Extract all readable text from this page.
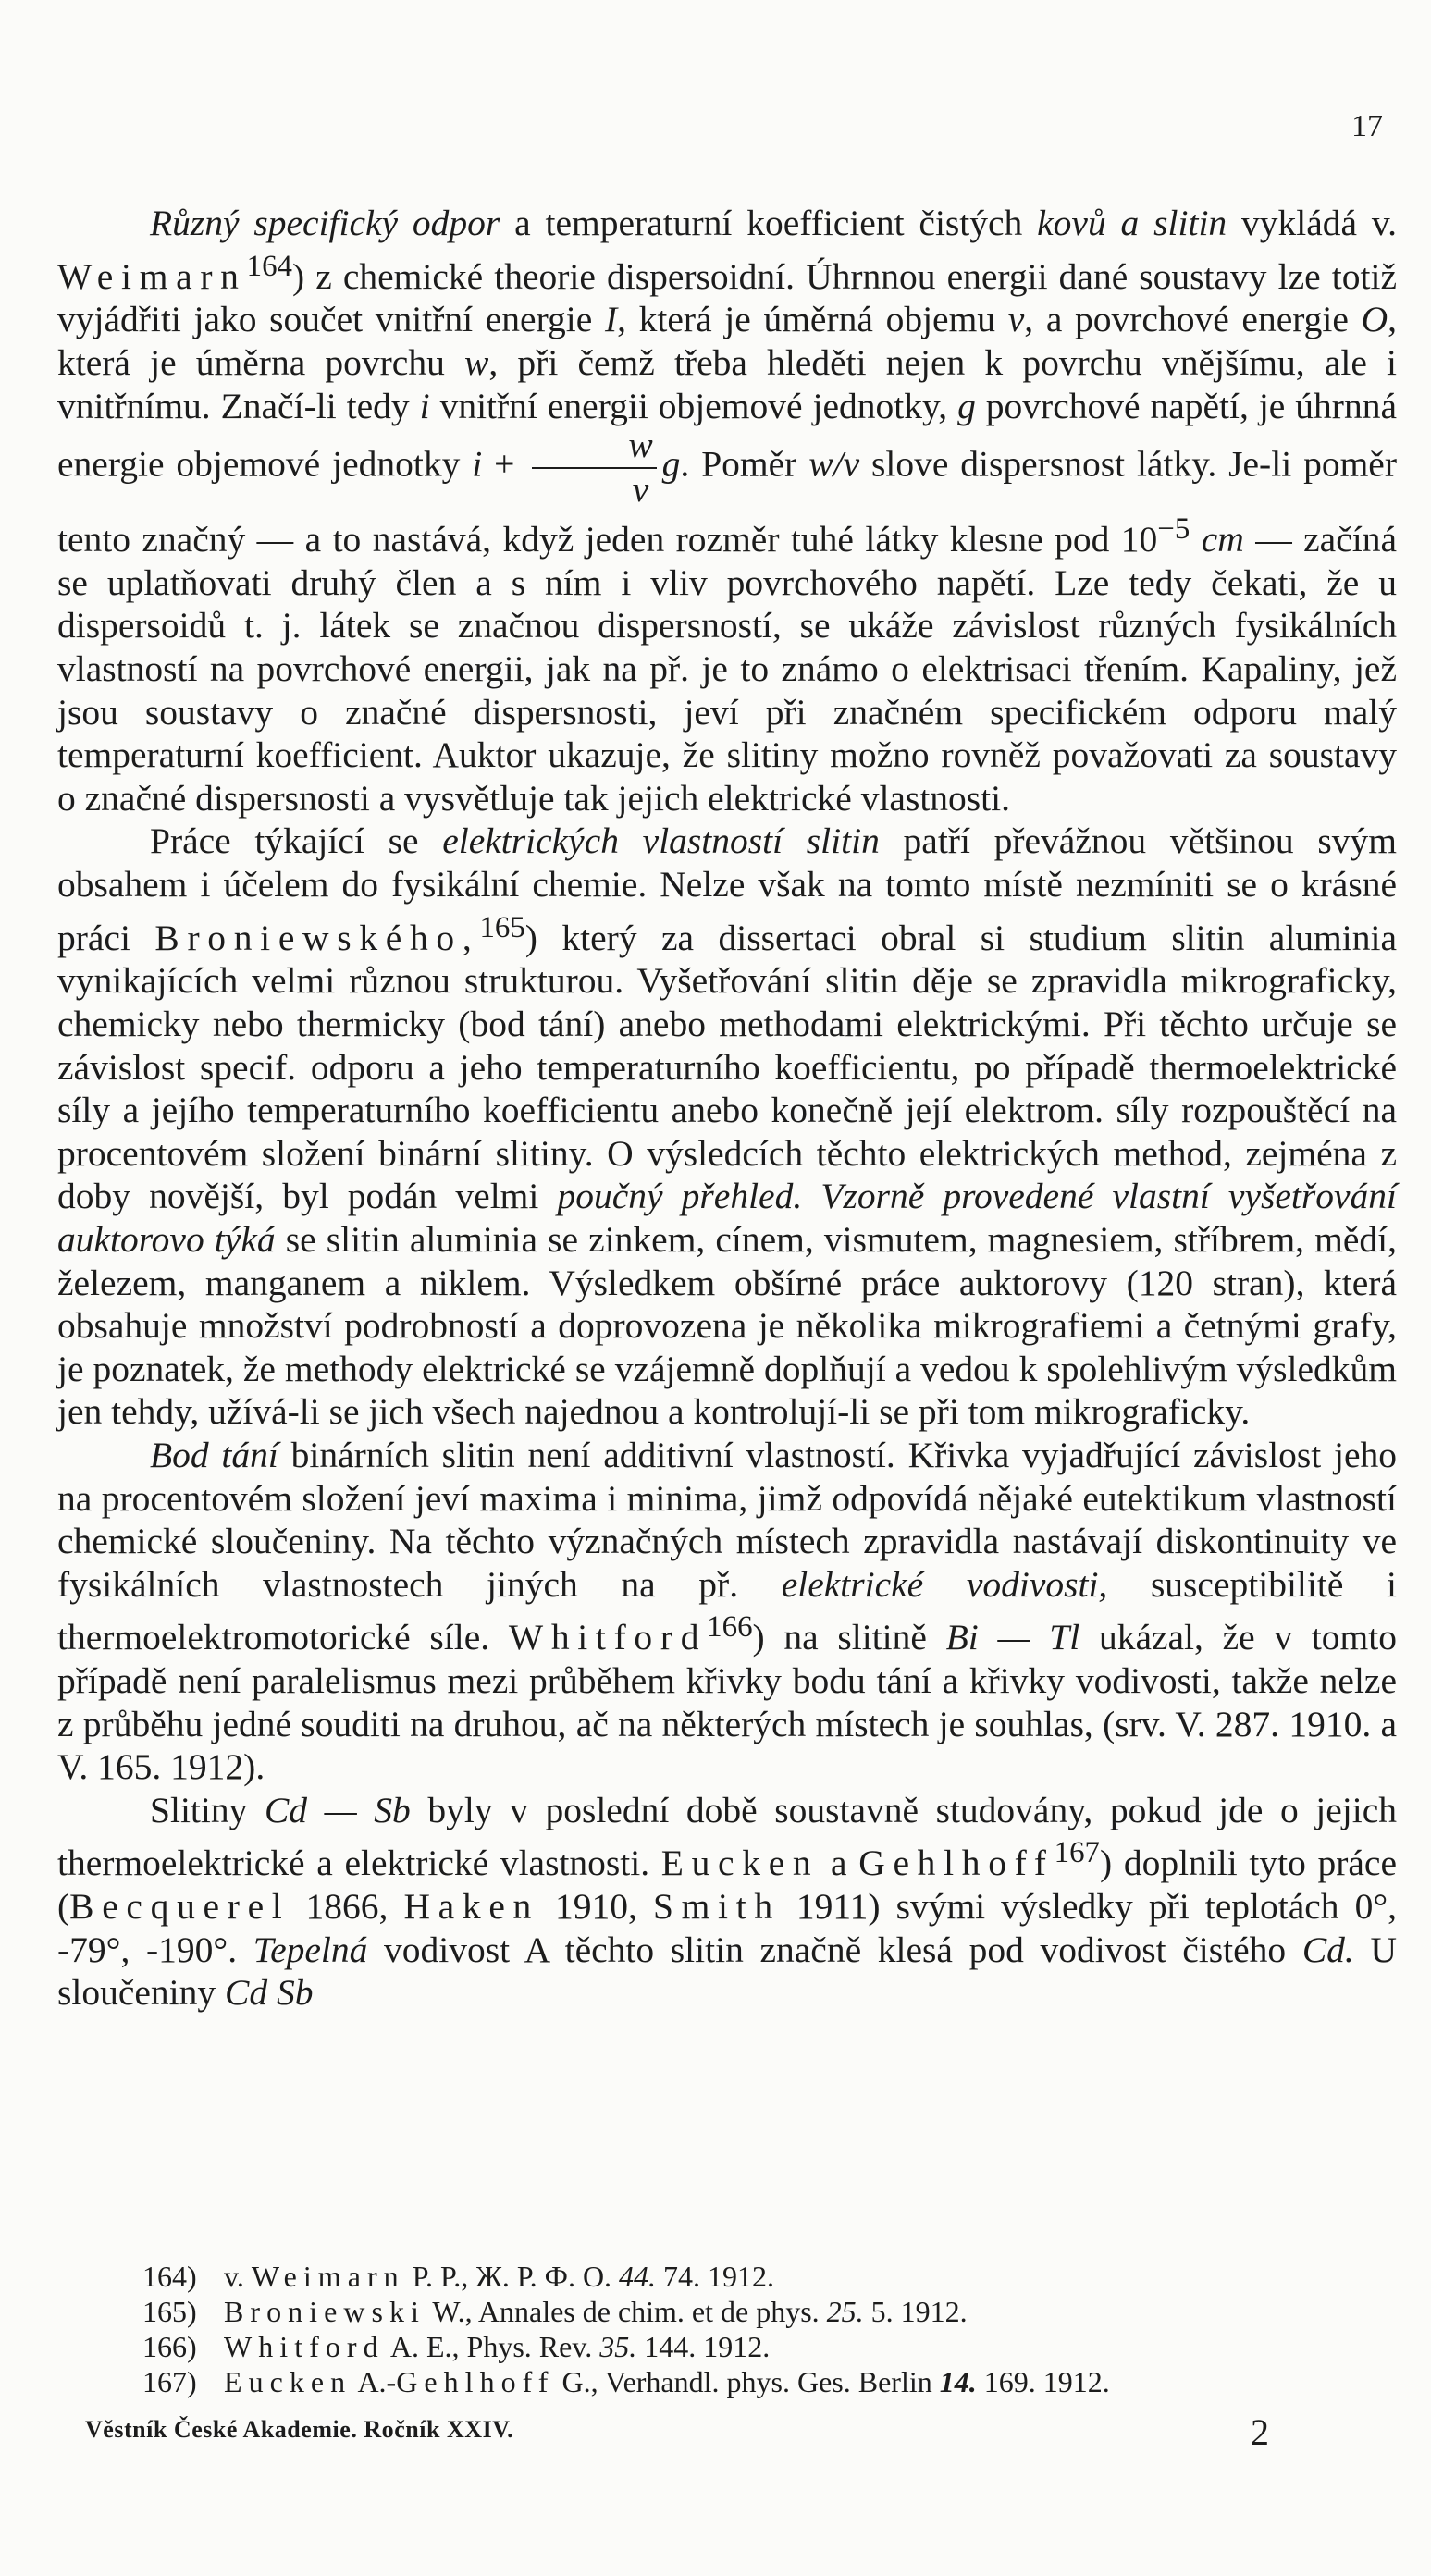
17

Různý specifický odpor a temperaturní koefficient čistých kovů a slitin vykládá v. Weimarn$^{164}$) z chemické theorie dispersoidní. Úhrnnou energii dané soustavy lze totiž vyjádřiti jako součet vnitřní energie I, která je úměrná objemu v, a povrchové energie O, která je úměrna povrchu w, při čemž třeba hleděti nejen k povrchu vnějšímu, ale i vnitřnímu. Značí-li tedy i vnitřní energii objemové jednotky, g povrchové napětí, je úhrnná energie objemové jednotky $i + \frac{w}{v} g$. Poměr w/v slove dispersnost látky. Je-li poměr tento značný — a to nastává, když jeden rozměr tuhé látky klesne pod $10^{-5}$ cm — začíná se uplatňovati druhý člen a s ním i vliv povrchového napětí. Lze tedy čekati, že u dispersoidů t. j. látek se značnou dispersností, se ukáže závislost různých fysikálních vlastností na povrchové energii, jak na př. je to známo o elektrisaci třením. Kapaliny, jež jsou soustavy o značné dispersnosti, jeví při značném specifickém odporu malý temperaturní koefficient. Auktor ukazuje, že slitiny možno rovněž považovati za soustavy o značné dispersnosti a vysvětluje tak jejich elektrické vlastnosti.

Práce týkající se elektrických vlastností slitin patří převážnou většinou svým obsahem i účelem do fysikální chemie. Nelze však na tomto místě nezmíniti se o krásné práci Broniewského,$^{165}$) který za dissertaci obral si studium slitin aluminia vynikajících velmi různou strukturou. Vyšetřování slitin děje se zpravidla mikrograficky, chemicky nebo thermicky (bod tání) anebo methodami elektrickými. Při těchto určuje se závislost specif. odporu a jeho temperaturního koefficientu, po případě thermoelektrické síly a jejího temperaturního koefficientu anebo konečně její elektrom. síly rozpouštěcí na procentovém složení binární slitiny. O výsledcích těchto elektrických method, zejména z doby novější, byl podán velmi poučný přehled. Vzorně provedené vlastní vyšetřování auktorovo týká se slitin aluminia se zinkem, cínem, vismutem, magnesiem, stříbrem, mědí, železem, manganem a niklem. Výsledkem obšírné práce auktorovy (120 stran), která obsahuje množství podrobností a doprovozena je několika mikrografiemi a četnými grafy, je poznatek, že methody elektrické se vzájemně doplňují a vedou k spolehlivým výsledkům jen tehdy, užívá-li se jich všech najednou a kontrolují-li se při tom mikrograficky.

Bod tání binárních slitin není additivní vlastností. Křivka vyjadřující závislost jeho na procentovém složení jeví maxima i minima, jimž odpovídá nějaké eutektikum vlastností chemické sloučeniny. Na těchto význačných místech zpravidla nastávají diskontinuity ve fysikálních vlastnostech jiných na př. elektrické vodivosti, susceptibilitě i thermoelektromotorické síle. Whitford$^{166}$) na slitině Bi — Tl ukázal, že v tomto případě není paralelismus mezi průběhem křivky bodu tání a křivky vodivosti, takže nelze z průběhu jedné souditi na druhou, ač na některých místech je souhlas, (srv. V. 287. 1910. a V. 165. 1912).

Slitiny Cd — Sb byly v poslední době soustavně studovány, pokud jde o jejich thermoelektrické a elektrické vlastnosti. Eucken a Gehlhoff$^{167}$) doplnili tyto práce (Becquerel 1866, Haken 1910, Smith 1911) svými výsledky při teplotách 0°, -79°, -190°. Tepelná vodivost A těchto slitin značně klesá pod vodivost čistého Cd. U sloučeniny Cd Sb

164) v. Weimarn P. P., Ж. Р. Ф. О. 44. 74. 1912.
165) Broniewski W., Annales de chim. et de phys. 25. 5. 1912.
166) Whitford A. E., Phys. Rev. 35. 144. 1912.
167) Eucken A.-Gehlhoff G., Verhandl. phys. Ges. Berlin 14. 169. 1912.
Věstník České Akademie. Ročník XXIV.	2
